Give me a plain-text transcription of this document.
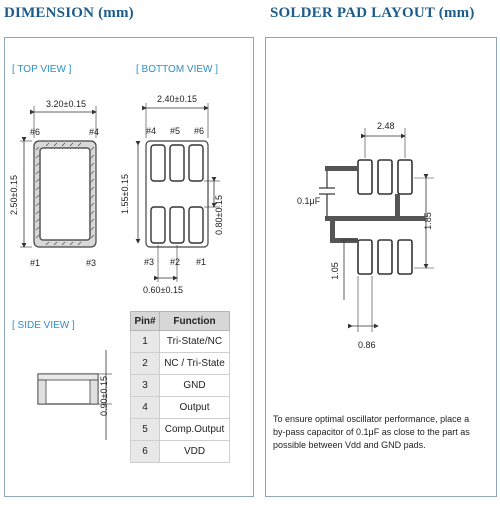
DIMENSION (mm)	SOLDER PAD LAYOUT (mm)
[ TOP VIEW ]	[ BOTTOM VIEW ]
[ SIDE VIEW ]
3.20±0.15
2.50±0.15
#6	#4
#1	#3
2.40±0.15
#4 #5 #6
#3 #2 #1
1.55±0.15
0.80±0.15
0.60±0.15
0.90±0.15
Pin#	Function
1	Tri-State/NC
2	NC / Tri-State
3	GND
4	Output
5	Comp.Output
6	VDD
2.48
1.85
1.05
0.86
0.1μF
To ensure optimal oscillator performance, place a by-pass capacitor of 0.1μF as close to the part as possible between Vdd and GND pads.
